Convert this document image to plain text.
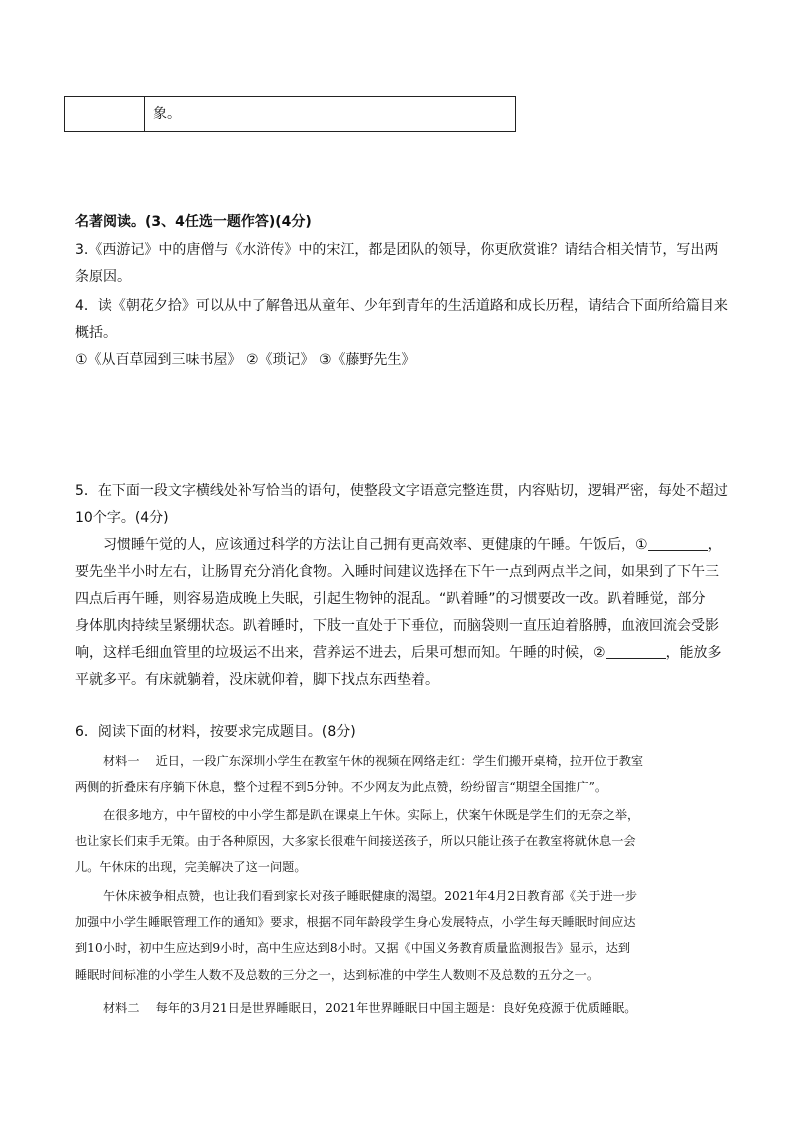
象。
名著阅读。(3、4任选一题作答)(4分)
3.《西游记》中的唐僧与《水浒传》中的宋江，都是团队的领导，你更欣赏谁？请结合相关情节，写出两
条原因。
4．读《朝花夕拾》可以从中了解鲁迅从童年、少年到青年的生活道路和成长历程，请结合下面所给篇目来
概括。
①《从百草园到三味书屋》 ②《琐记》 ③《藤野先生》
5．在下面一段文字横线处补写恰当的语句，使整段文字语意完整连贯，内容贴切，逻辑严密，每处不超过
10个字。(4分)
习惯睡午觉的人，应该通过科学的方法让自己拥有更高效率、更健康的午睡。午饭后，①	，
要先坐半小时左右，让肠胃充分消化食物。入睡时间建议选择在下午一点到两点半之间，如果到了下午三
四点后再午睡，则容易造成晚上失眠，引起生物钟的混乱。“趴着睡”的习惯要改一改。趴着睡觉，部分
身体肌肉持续呈紧绷状态。趴着睡时，下肢一直处于下垂位，而脑袋则一直压迫着胳膊，血液回流会受影
响，这样毛细血管里的垃圾运不出来，营养运不进去，后果可想而知。午睡的时候，②	，能放多
平就多平。有床就躺着，没床就仰着，脚下找点东西垫着。
6．阅读下面的材料，按要求完成题目。(8分)
材料一　 近日，一段广东深圳小学生在教室午休的视频在网络走红：学生们搬开桌椅，拉开位于教室
两侧的折叠床有序躺下休息，整个过程不到5分钟。不少网友为此点赞，纷纷留言“期望全国推广”。
在很多地方，中午留校的中小学生都是趴在课桌上午休。实际上，伏案午休既是学生们的无奈之举，
也让家长们束手无策。由于各种原因，大多家长很难午间接送孩子，所以只能让孩子在教室将就休息一会
儿。午休床的出现，完美解决了这一问题。
午休床被争相点赞，也让我们看到家长对孩子睡眠健康的渴望。2021年4月2日教育部《关于进一步
加强中小学生睡眠管理工作的通知》要求，根据不同年龄段学生身心发展特点，小学生每天睡眠时间应达
到10小时，初中生应达到9小时，高中生应达到8小时。又据《中国义务教育质量监测报告》显示，达到
睡眠时间标准的小学生人数不及总数的三分之一，达到标准的中学生人数则不及总数的五分之一。
材料二　 每年的3月21日是世界睡眠日，2021年世界睡眠日中国主题是：良好免疫源于优质睡眠。
